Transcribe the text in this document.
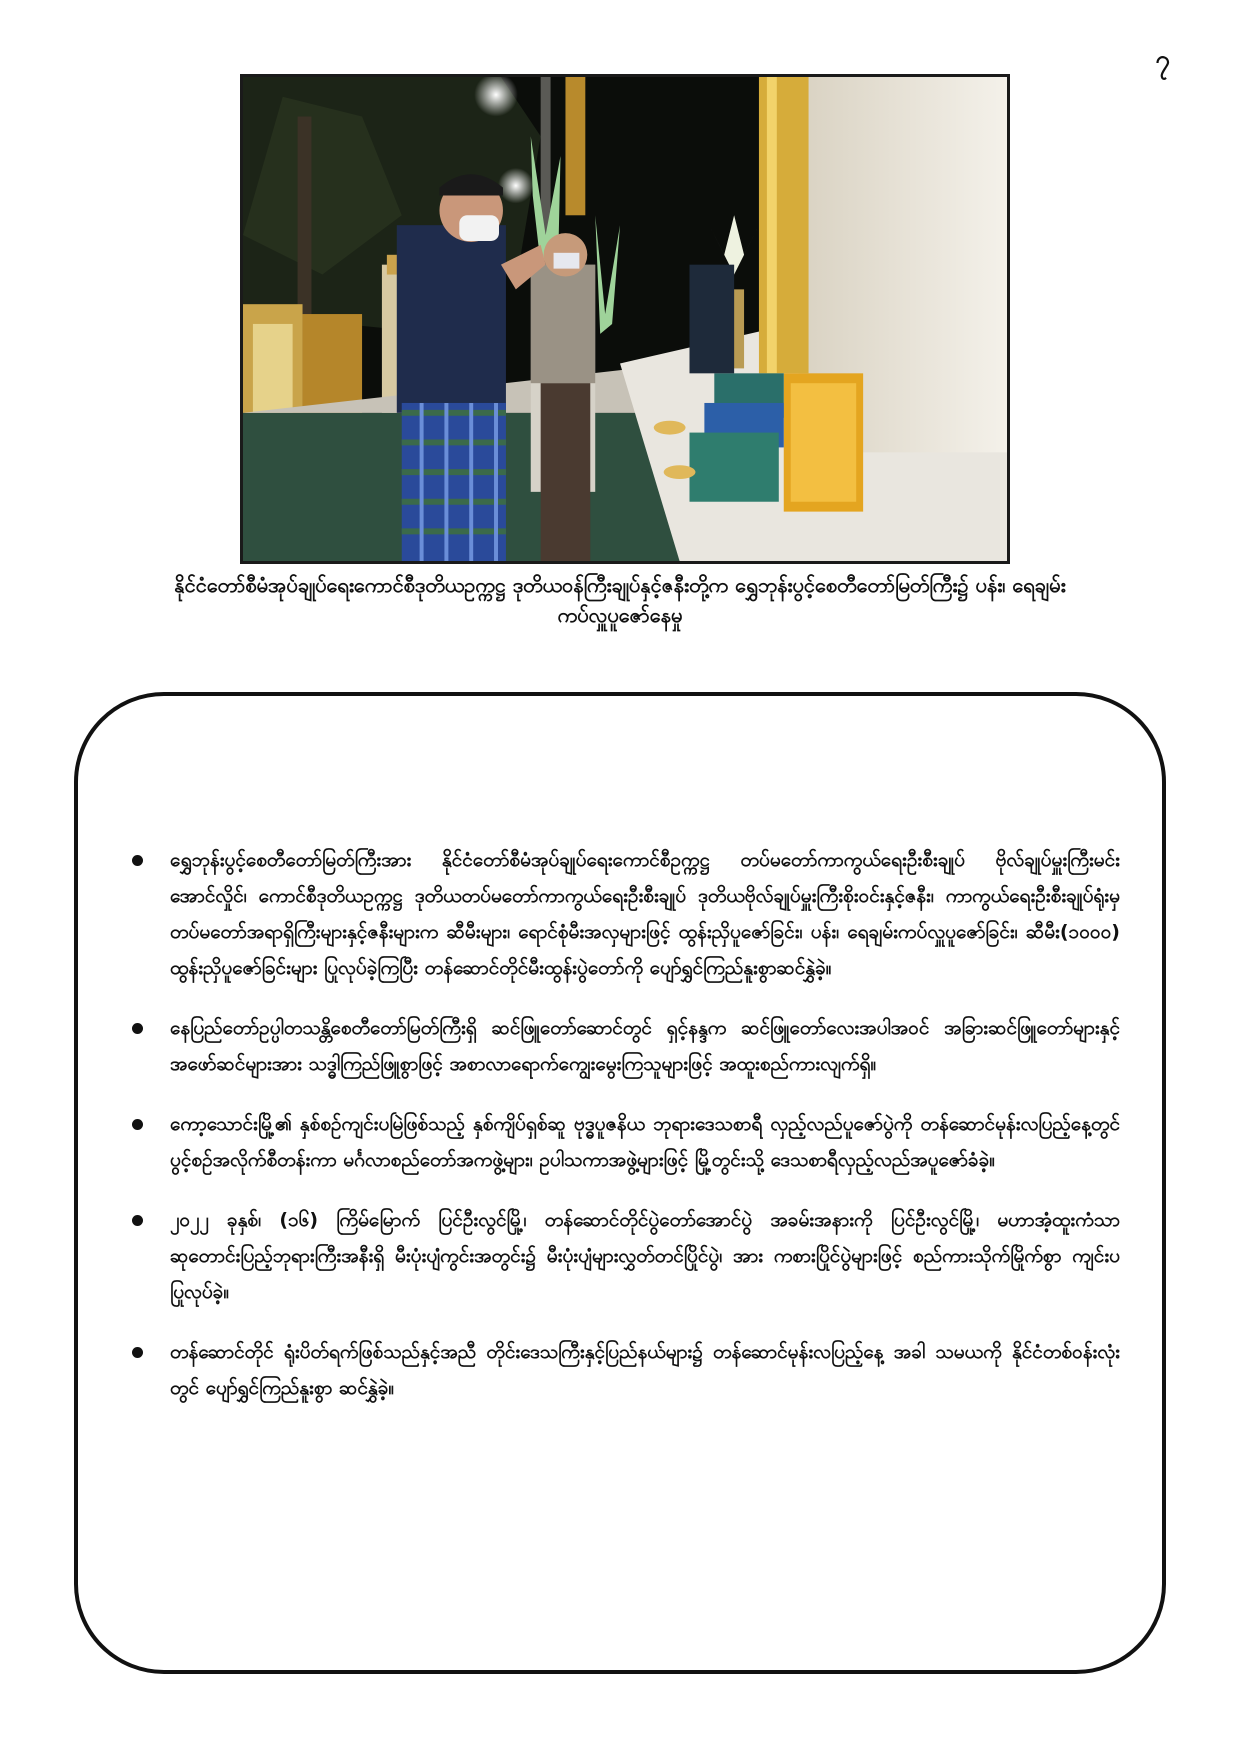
၇
နိုင်ငံတော်စီမံအုပ်ချုပ်ရေးကောင်စီဒုတိယဥက္ကဋ္ဌ ဒုတိယဝန်ကြီးချုပ်နှင့်ဇနီးတို့က ရွှေဘုန်းပွင့်စေတီတော်မြတ်ကြီး၌ ပန်း၊ ရေချမ်း
ကပ်လှူပူဇော်နေမှု
ရွှေဘုန်းပွင့်စေတီတော်မြတ်ကြီးအား နိုင်ငံတော်စီမံအုပ်ချုပ်ရေးကောင်စီဥက္ကဋ္ဌ တပ်မတော်ကာကွယ်ရေးဦးစီးချုပ် ဗိုလ်ချုပ်မှူးကြီးမင်းအောင်လှိုင်၊ ကောင်စီဒုတိယဥက္ကဋ္ဌ ဒုတိယတပ်မတော်ကာကွယ်ရေးဦးစီးချုပ် ဒုတိယဗိုလ်ချုပ်မှူးကြီးစိုးဝင်းနှင့်ဇနီး၊ ကာကွယ်ရေးဦးစီးချုပ်ရုံးမှ တပ်မတော်အရာရှိကြီးများနှင့်ဇနီးများက ဆီမီးများ၊ ရောင်စုံမီးအလှများဖြင့် ထွန်းညှိပူဇော်ခြင်း၊ ပန်း၊ ရေချမ်းကပ်လှူပူဇော်ခြင်း၊ ဆီမီး(၁၀၀၀) ထွန်းညှိပူဇော်ခြင်းများ ပြုလုပ်ခဲ့ကြပြီး တန်ဆောင်တိုင်မီးထွန်းပွဲတော်ကို ပျော်ရွှင်ကြည်နူးစွာဆင်နွှဲခဲ့။
နေပြည်တော်ဥပ္ပါတသန္တိစေတီတော်မြတ်ကြီးရှိ ဆင်ဖြူတော်ဆောင်တွင် ရှင့်နန္ဒက ဆင်ဖြူတော်လေးအပါအဝင် အခြားဆင်ဖြူတော်များနှင့် အဖော်ဆင်များအား သဒ္ဓါကြည်ဖြူစွာဖြင့် အစာလာရောက်ကျွေးမွေးကြသူများဖြင့် အထူးစည်ကားလျက်ရှိ။
ကော့သောင်းမြို့၏ နှစ်စဉ်ကျင်းပမြဲဖြစ်သည့် နှစ်ကျိပ်ရှစ်ဆူ ဗုဒ္ဓပူဇနိယ ဘုရားဒေသစာရီ လှည့်လည်ပူဇော်ပွဲကို တန်ဆောင်မုန်းလပြည့်နေ့တွင် ပွင့်စဉ်အလိုက်စီတန်းကာ မင်္ဂလာစည်တော်အကဖွဲ့များ၊ ဥပါသကာအဖွဲ့များဖြင့် မြို့တွင်းသို့ ဒေသစာရီလှည့်လည်အပူဇော်ခံခဲ့။
၂၀၂၂ ခုနှစ်၊ (၁၆) ကြိမ်မြောက် ပြင်ဦးလွင်မြို့၊ တန်ဆောင်တိုင်ပွဲတော်အောင်ပွဲ အခမ်းအနားကို ပြင်ဦးလွင်မြို့၊ မဟာအံ့ထူးကံသာ ဆုတောင်းပြည့်ဘုရားကြီးအနီးရှိ မီးပုံးပျံကွင်းအတွင်း၌ မီးပုံးပျံများလွှတ်တင်ပြိုင်ပွဲ၊ အား ကစားပြိုင်ပွဲများဖြင့် စည်ကားသိုက်မြိုက်စွာ ကျင်းပပြုလုပ်ခဲ့။
တန်ဆောင်တိုင် ရုံးပိတ်ရက်ဖြစ်သည်နှင့်အညီ တိုင်းဒေသကြီးနှင့်ပြည်နယ်များ၌ တန်ဆောင်မုန်းလပြည့်နေ့ အခါ သမယကို နိုင်ငံတစ်ဝန်းလုံးတွင် ပျော်ရွှင်ကြည်နူးစွာ ဆင်နွှဲခဲ့။
